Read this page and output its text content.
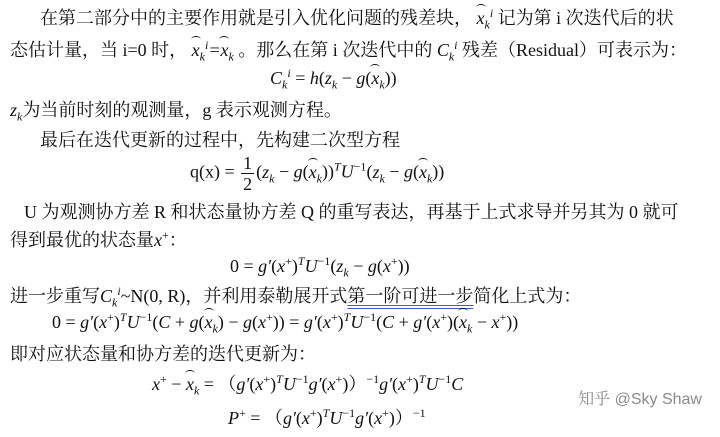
在第二部分中的主要作用就是引入优化问题的残差块， $x_k^i$ 记为第 i 次迭代后的状
态估计量，当 i=0 时， $x_k^i=x_k$ 。那么在第 i 次迭代中的 $C_k^i$ 残差（Residual）可表示为：
$C_k^i = h(z_k - g(x_k))$
$z_k$为当前时刻的观测量，g 表示观测方程。
最后在迭代更新的过程中，先构建二次型方程
$q(x) = \frac{1}{2} (z_k - g(x_k))^TU^{-1}(z_k - g(x_k))$
U 为观测协方差 R 和状态量协方差 Q 的重写表达，再基于上式求导并另其为 0 就可
得到最优的状态量x+：
$0 = g'(x^+)^TU^{-1}(z_k - g(x^+))$
进一步重写$C_k^i\sim N(0$, R)，并利用泰勒展开式第一阶可进一步简化上式为：
$0 = g'(x^+)^TU^{-1}(C + g(x_k) - g(x^+)) = g'(x^+)^TU^{-1}(C + g'(x^+)(x_k - x^+))$
即对应状态量和协方差的迭代更新为：
$x^+ - x_k = (g'(x^+)^TU^{-1}g'(x^+))^{-1}g'(x^+)^TU^{-1}C$
$P^+ = (g'(x^+)^TU^{-1}g'(x^+))^{-1}$
知乎 @Sky Shaw
